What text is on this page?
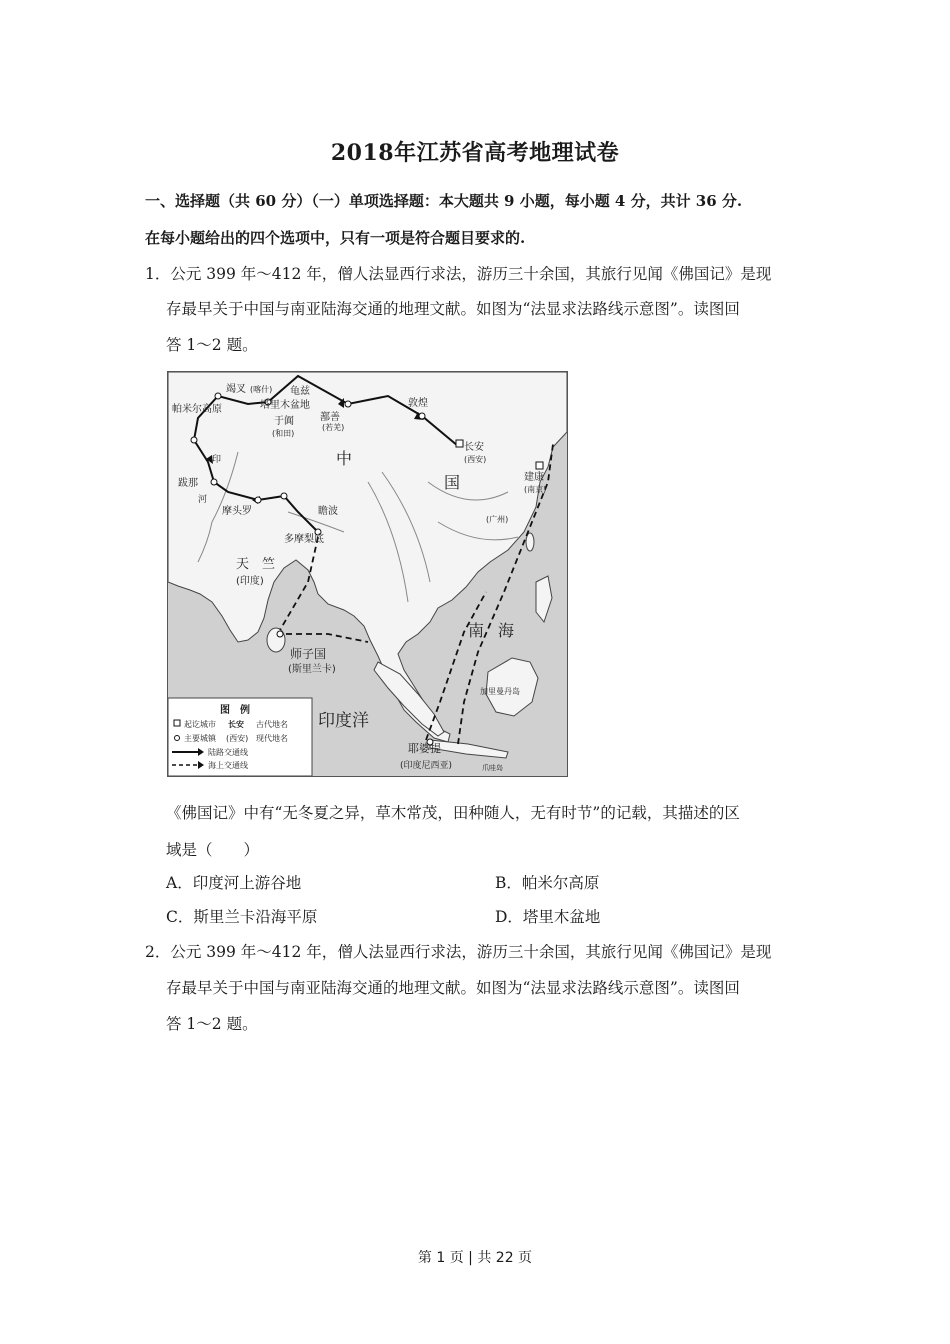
2018年江苏省高考地理试卷
一、选择题（共 60 分）（一）单项选择题：本大题共 9 小题，每小题 4 分，共计 36 分.
在每小题给出的四个选项中，只有一项是符合题目要求的.
1．公元 399 年～412 年，僧人法显西行求法，游历三十余国，其旅行见闻《佛国记》是现
存最早关于中国与南亚陆海交通的地理文献。如图为“法显求法路线示意图”。读图回
答 1～2 题。
中
国
天　竺
(印度)
师子国
(斯里兰卡)
印度洋
南 海
耶婆提
(印度尼西亚)
敦煌
长安
(西安)
建康
(南京)
鄯善
(若羌)
于阗
(和田)
龟兹
塔里木盆地
竭叉 (喀什)
帕米尔高原
跋那
摩头罗	瞻波
多摩梨底
(广州)
加里曼丹岛
爪哇岛
印
河
图　例
起讫城市 长安 古代地名
主要城镇 (西安) 现代地名
陆路交通线
海上交通线
《佛国记》中有“无冬夏之异，草木常茂，田种随人，无有时节”的记载，其描述的区
域是（　　）
A．印度河上游谷地	B．帕米尔高原
C．斯里兰卡沿海平原	D．塔里木盆地
2．公元 399 年～412 年，僧人法显西行求法，游历三十余国，其旅行见闻《佛国记》是现
存最早关于中国与南亚陆海交通的地理文献。如图为“法显求法路线示意图”。读图回
答 1～2 题。
第 1 页 | 共 22 页
